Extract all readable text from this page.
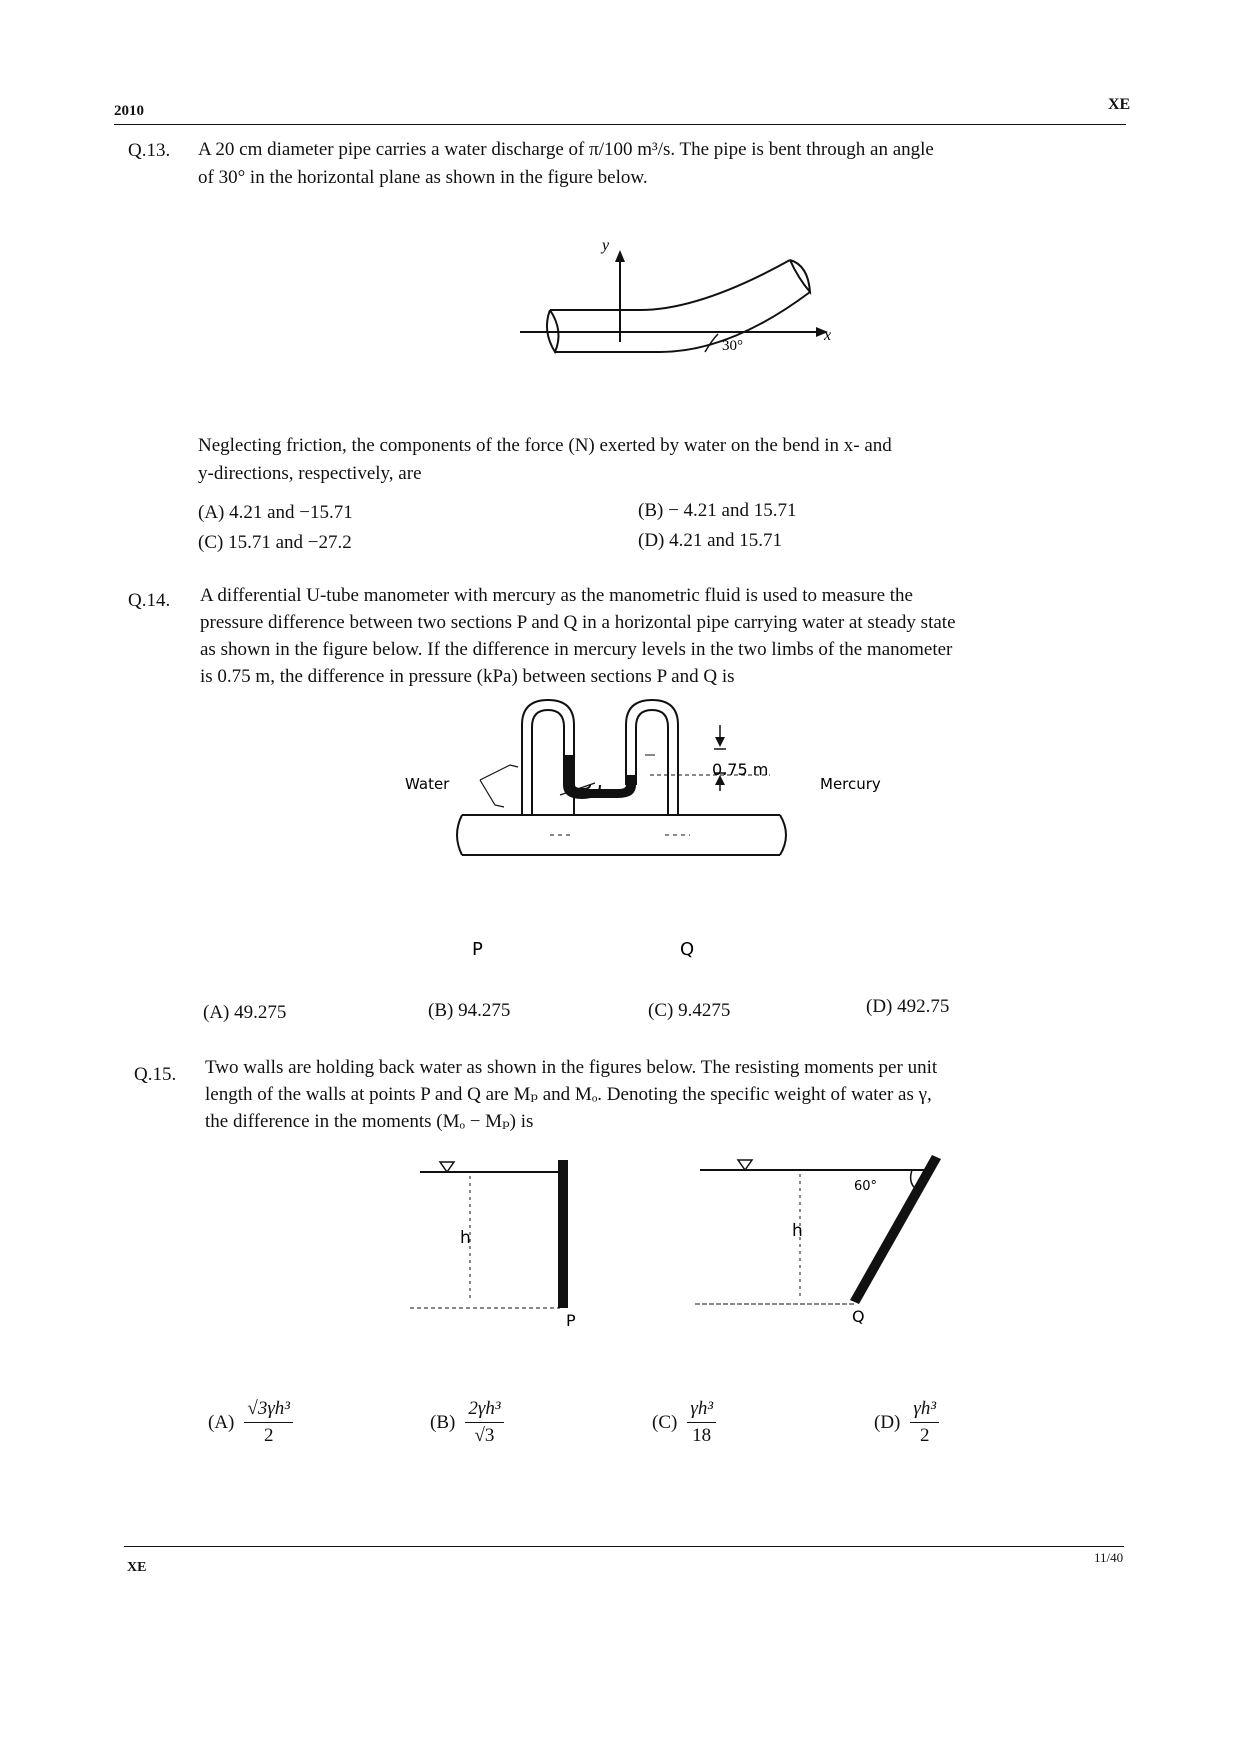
2010	XE
Q.13. A 20 cm diameter pipe carries a water discharge of π/100 m³/s. The pipe is bent through an angle
of 30° in the horizontal plane as shown in the figure below.
y
x
30°
Neglecting friction, the components of the force (N) exerted by water on the bend in x- and
y-directions, respectively, are
(A) 4.21 and −15.71	(B) − 4.21 and 15.71
(C) 15.71 and −27.2	(D) 4.21 and 15.71
Q.14. A differential U-tube manometer with mercury as the manometric fluid is used to measure the
pressure difference between two sections P and Q in a horizontal pipe carrying water at steady state
as shown in the figure below. If the difference in mercury levels in the two limbs of the manometer
is 0.75 m, the difference in pressure (kPa) between sections P and Q is
0.75 m
Water	Mercury
P	Q
(A) 49.275	(B) 94.275	(C) 9.4275	(D) 492.75
Q.15. Two walls are holding back water as shown in the figures below. The resisting moments per unit
length of the walls at points P and Q are Mₚ and Mₒ. Denoting the specific weight of water as γ,
the difference in the moments (Mₒ − Mₚ) is
h	h
P	Q
60°
$(A) \frac{\text{√3γh³}}{2}$	$(B) \frac{\text{2γh³}}{√3}$	$(C) \frac{\text{γh³}}{18}$	$(D) \frac{\text{γh³}}{2}$
XE
11/40
